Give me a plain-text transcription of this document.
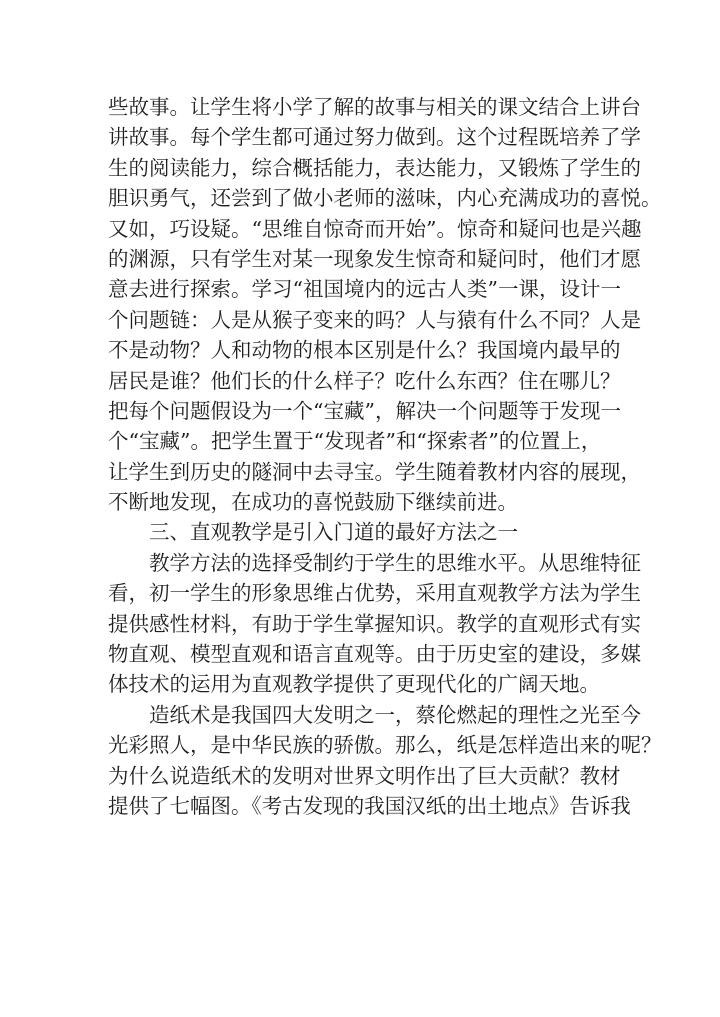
些故事。让学生将小学了解的故事与相关的课文结合上讲台
讲故事。每个学生都可通过努力做到。这个过程既培养了学
生的阅读能力，综合概括能力，表达能力，又锻炼了学生的
胆识勇气，还尝到了做小老师的滋味，内心充满成功的喜悦。
又如，巧设疑。“思维自惊奇而开始”。惊奇和疑问也是兴趣
的渊源，只有学生对某一现象发生惊奇和疑问时，他们才愿
意去进行探索。学习“祖国境内的远古人类”一课，设计一
个问题链：人是从猴子变来的吗？人与猿有什么不同？人是
不是动物？人和动物的根本区别是什么？我国境内最早的
居民是谁？他们长的什么样子？吃什么东西？住在哪儿？
把每个问题假设为一个“宝藏”，解决一个问题等于发现一
个“宝藏”。把学生置于“发现者”和“探索者”的位置上，
让学生到历史的隧洞中去寻宝。学生随着教材内容的展现，
不断地发现，在成功的喜悦鼓励下继续前进。
三、直观教学是引入门道的最好方法之一
教学方法的选择受制约于学生的思维水平。从思维特征
看，初一学生的形象思维占优势，采用直观教学方法为学生
提供感性材料，有助于学生掌握知识。教学的直观形式有实
物直观、模型直观和语言直观等。由于历史室的建设，多媒
体技术的运用为直观教学提供了更现代化的广阔天地。
造纸术是我国四大发明之一，蔡伦燃起的理性之光至今
光彩照人，是中华民族的骄傲。那么，纸是怎样造出来的呢？
为什么说造纸术的发明对世界文明作出了巨大贡献？教材
提供了七幅图。《考古发现的我国汉纸的出土地点》告诉我
